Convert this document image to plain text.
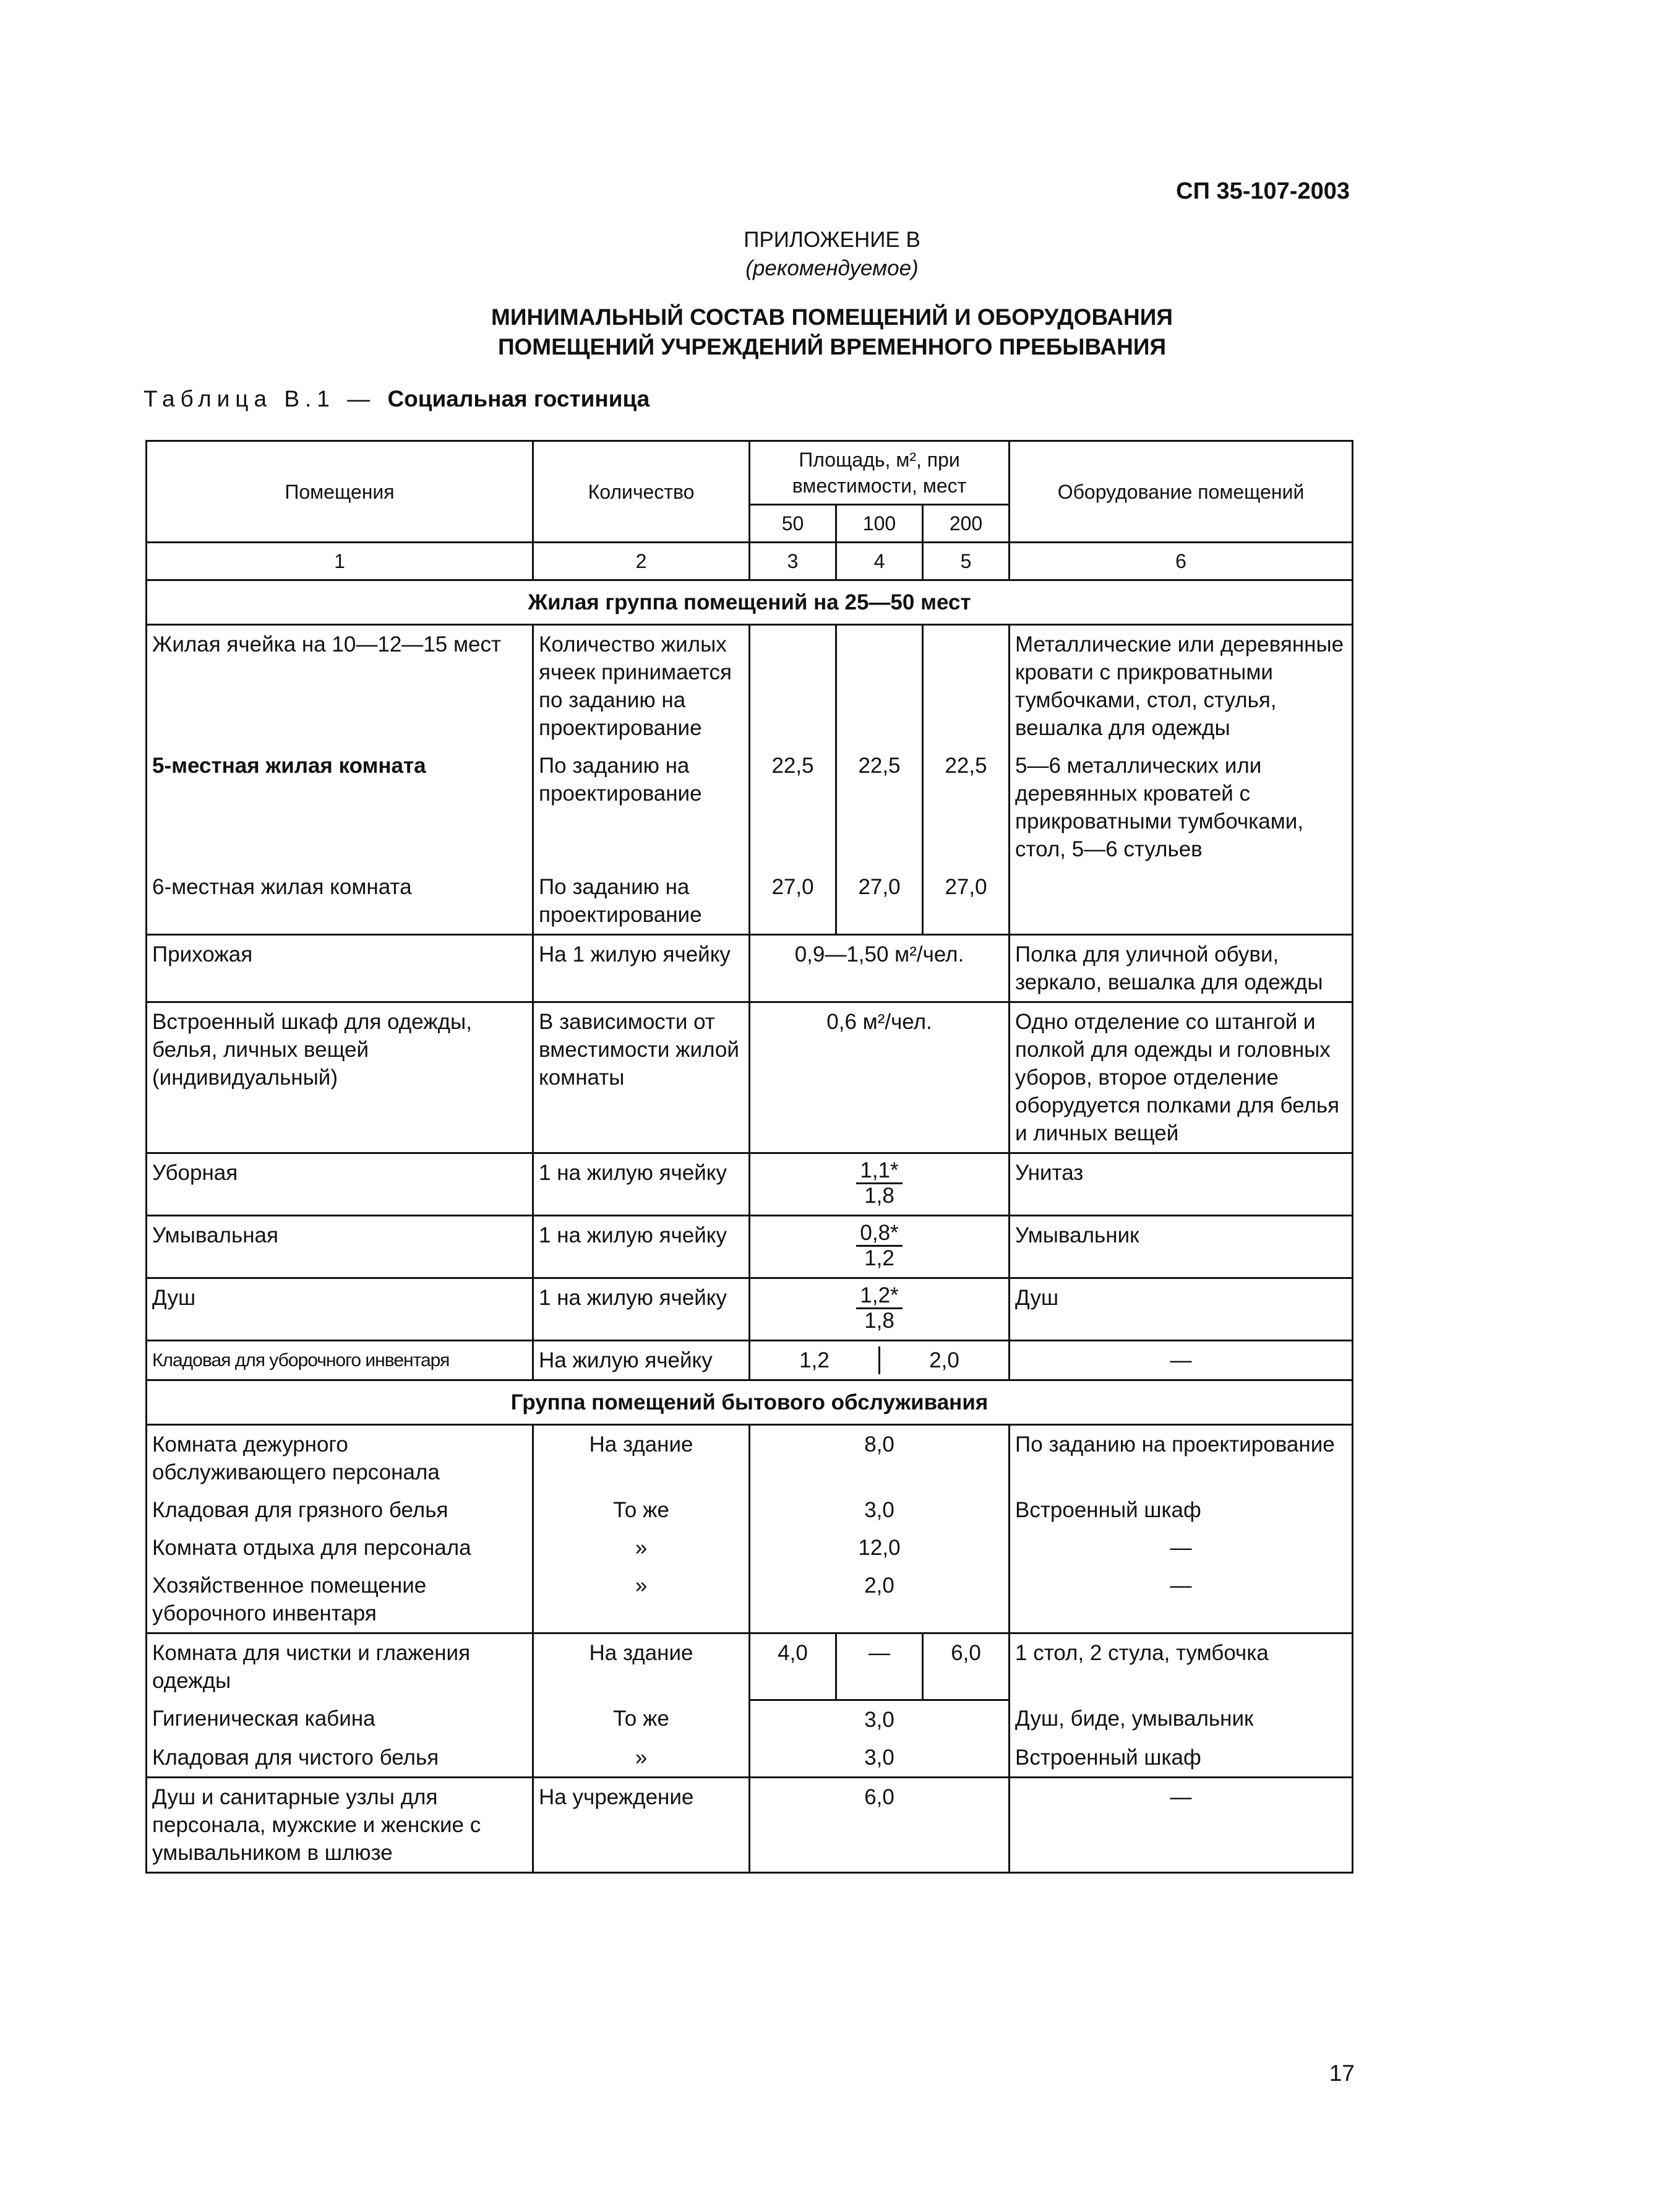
СП 35-107-2003
ПРИЛОЖЕНИЕ В
(рекомендуемое)
МИНИМАЛЬНЫЙ СОСТАВ ПОМЕЩЕНИЙ И ОБОРУДОВАНИЯ
ПОМЕЩЕНИЙ УЧРЕЖДЕНИЙ ВРЕМЕННОГО ПРЕБЫВАНИЯ
Таблица В.1 — Социальная гостиница
Помещения	Количество	Площадь, м², при вместимости, мест			Оборудование помещений
		50	100	200	
1	2	3	4	5	6
Жилая группа помещений на 25—50 мест					
Жилая ячейка на 10—12—15 мест	Количество жилых ячеек принимается по заданию на проектирование				Металлические или деревянные кровати с прикроватными тумбочками, стол, стулья, вешалка для одежды
5-местная жилая комната	По заданию на проектирование	22,5	22,5	22,5	5—6 металлических или деревянных кроватей с прикроватными тумбочками, стол, 5—6 стульев
6-местная жилая комната	По заданию на проектирование	27,0	27,0	27,0	
Прихожая	На 1 жилую ячейку	0,9—1,50 м²/чел.			Полка для уличной обуви, зеркало, вешалка для одежды
Встроенный шкаф для одежды, белья, личных вещей (индивидуальный)	В зависимости от вместимости жилой комнаты	0,6 м²/чел.			Одно отделение со штангой и полкой для одежды и головных уборов, второе отделение оборудуется полками для белья и личных вещей
Уборная	1 на жилую ячейку	$\frac{1,1*}{1,8}$			Унитаз
Умывальная	1 на жилую ячейку	$\frac{0,8*}{1,2}$			Умывальник
Душ	1 на жилую ячейку	$\frac{1,2*}{1,8}$			Душ
Кладовая для уборочного инвентаря	На жилую ячейку	1,2 2,0			—
Группа помещений бытового обслуживания					
Комната дежурного обслуживающего персонала	На здание	8,0			По заданию на проектирование
Кладовая для грязного белья	То же	3,0			Встроенный шкаф
Комната отдыха для персонала	»	12,0			—
Хозяйственное помещение уборочного инвентаря	»	2,0			—
Комната для чистки и глажения одежды	На здание	4,0	—	6,0	1 стол, 2 стула, тумбочка
Гигиеническая кабина	То же	3,0			Душ, биде, умывальник
Кладовая для чистого белья	»	3,0			Встроенный шкаф
Душ и санитарные узлы для персонала, мужские и женские с умывальником в шлюзе	На учреждение	6,0			—
17
